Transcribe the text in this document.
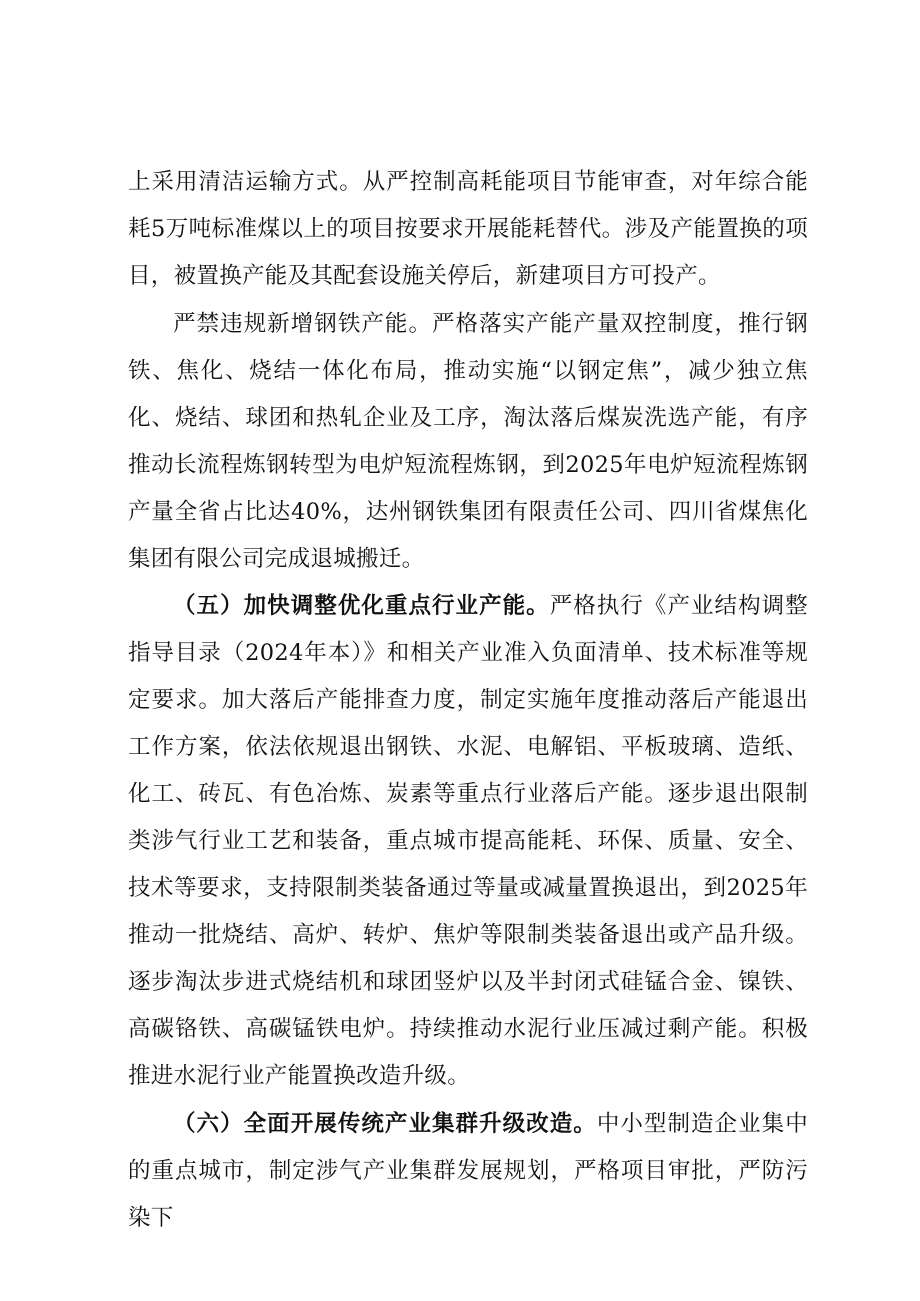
上采用清洁运输方式。从严控制高耗能项目节能审查，对年综合能耗5万吨标准煤以上的项目按要求开展能耗替代。涉及产能置换的项目，被置换产能及其配套设施关停后，新建项目方可投产。

严禁违规新增钢铁产能。严格落实产能产量双控制度，推行钢铁、焦化、烧结一体化布局，推动实施“以钢定焦”，减少独立焦化、烧结、球团和热轧企业及工序，淘汰落后煤炭洗选产能，有序推动长流程炼钢转型为电炉短流程炼钢，到2025年电炉短流程炼钢产量全省占比达40%，达州钢铁集团有限责任公司、四川省煤焦化集团有限公司完成退城搬迁。

（五）加快调整优化重点行业产能。严格执行《产业结构调整指导目录（2024年本）》和相关产业准入负面清单、技术标准等规定要求。加大落后产能排查力度，制定实施年度推动落后产能退出工作方案，依法依规退出钢铁、水泥、电解铝、平板玻璃、造纸、化工、砖瓦、有色冶炼、炭素等重点行业落后产能。逐步退出限制类涉气行业工艺和装备，重点城市提高能耗、环保、质量、安全、技术等要求，支持限制类装备通过等量或减量置换退出，到2025年推动一批烧结、高炉、转炉、焦炉等限制类装备退出或产品升级。逐步淘汰步进式烧结机和球团竖炉以及半封闭式硅锰合金、镍铁、高碳铬铁、高碳锰铁电炉。持续推动水泥行业压减过剩产能。积极推进水泥行业产能置换改造升级。

（六）全面开展传统产业集群升级改造。中小型制造企业集中的重点城市，制定涉气产业集群发展规划，严格项目审批，严防污染下
